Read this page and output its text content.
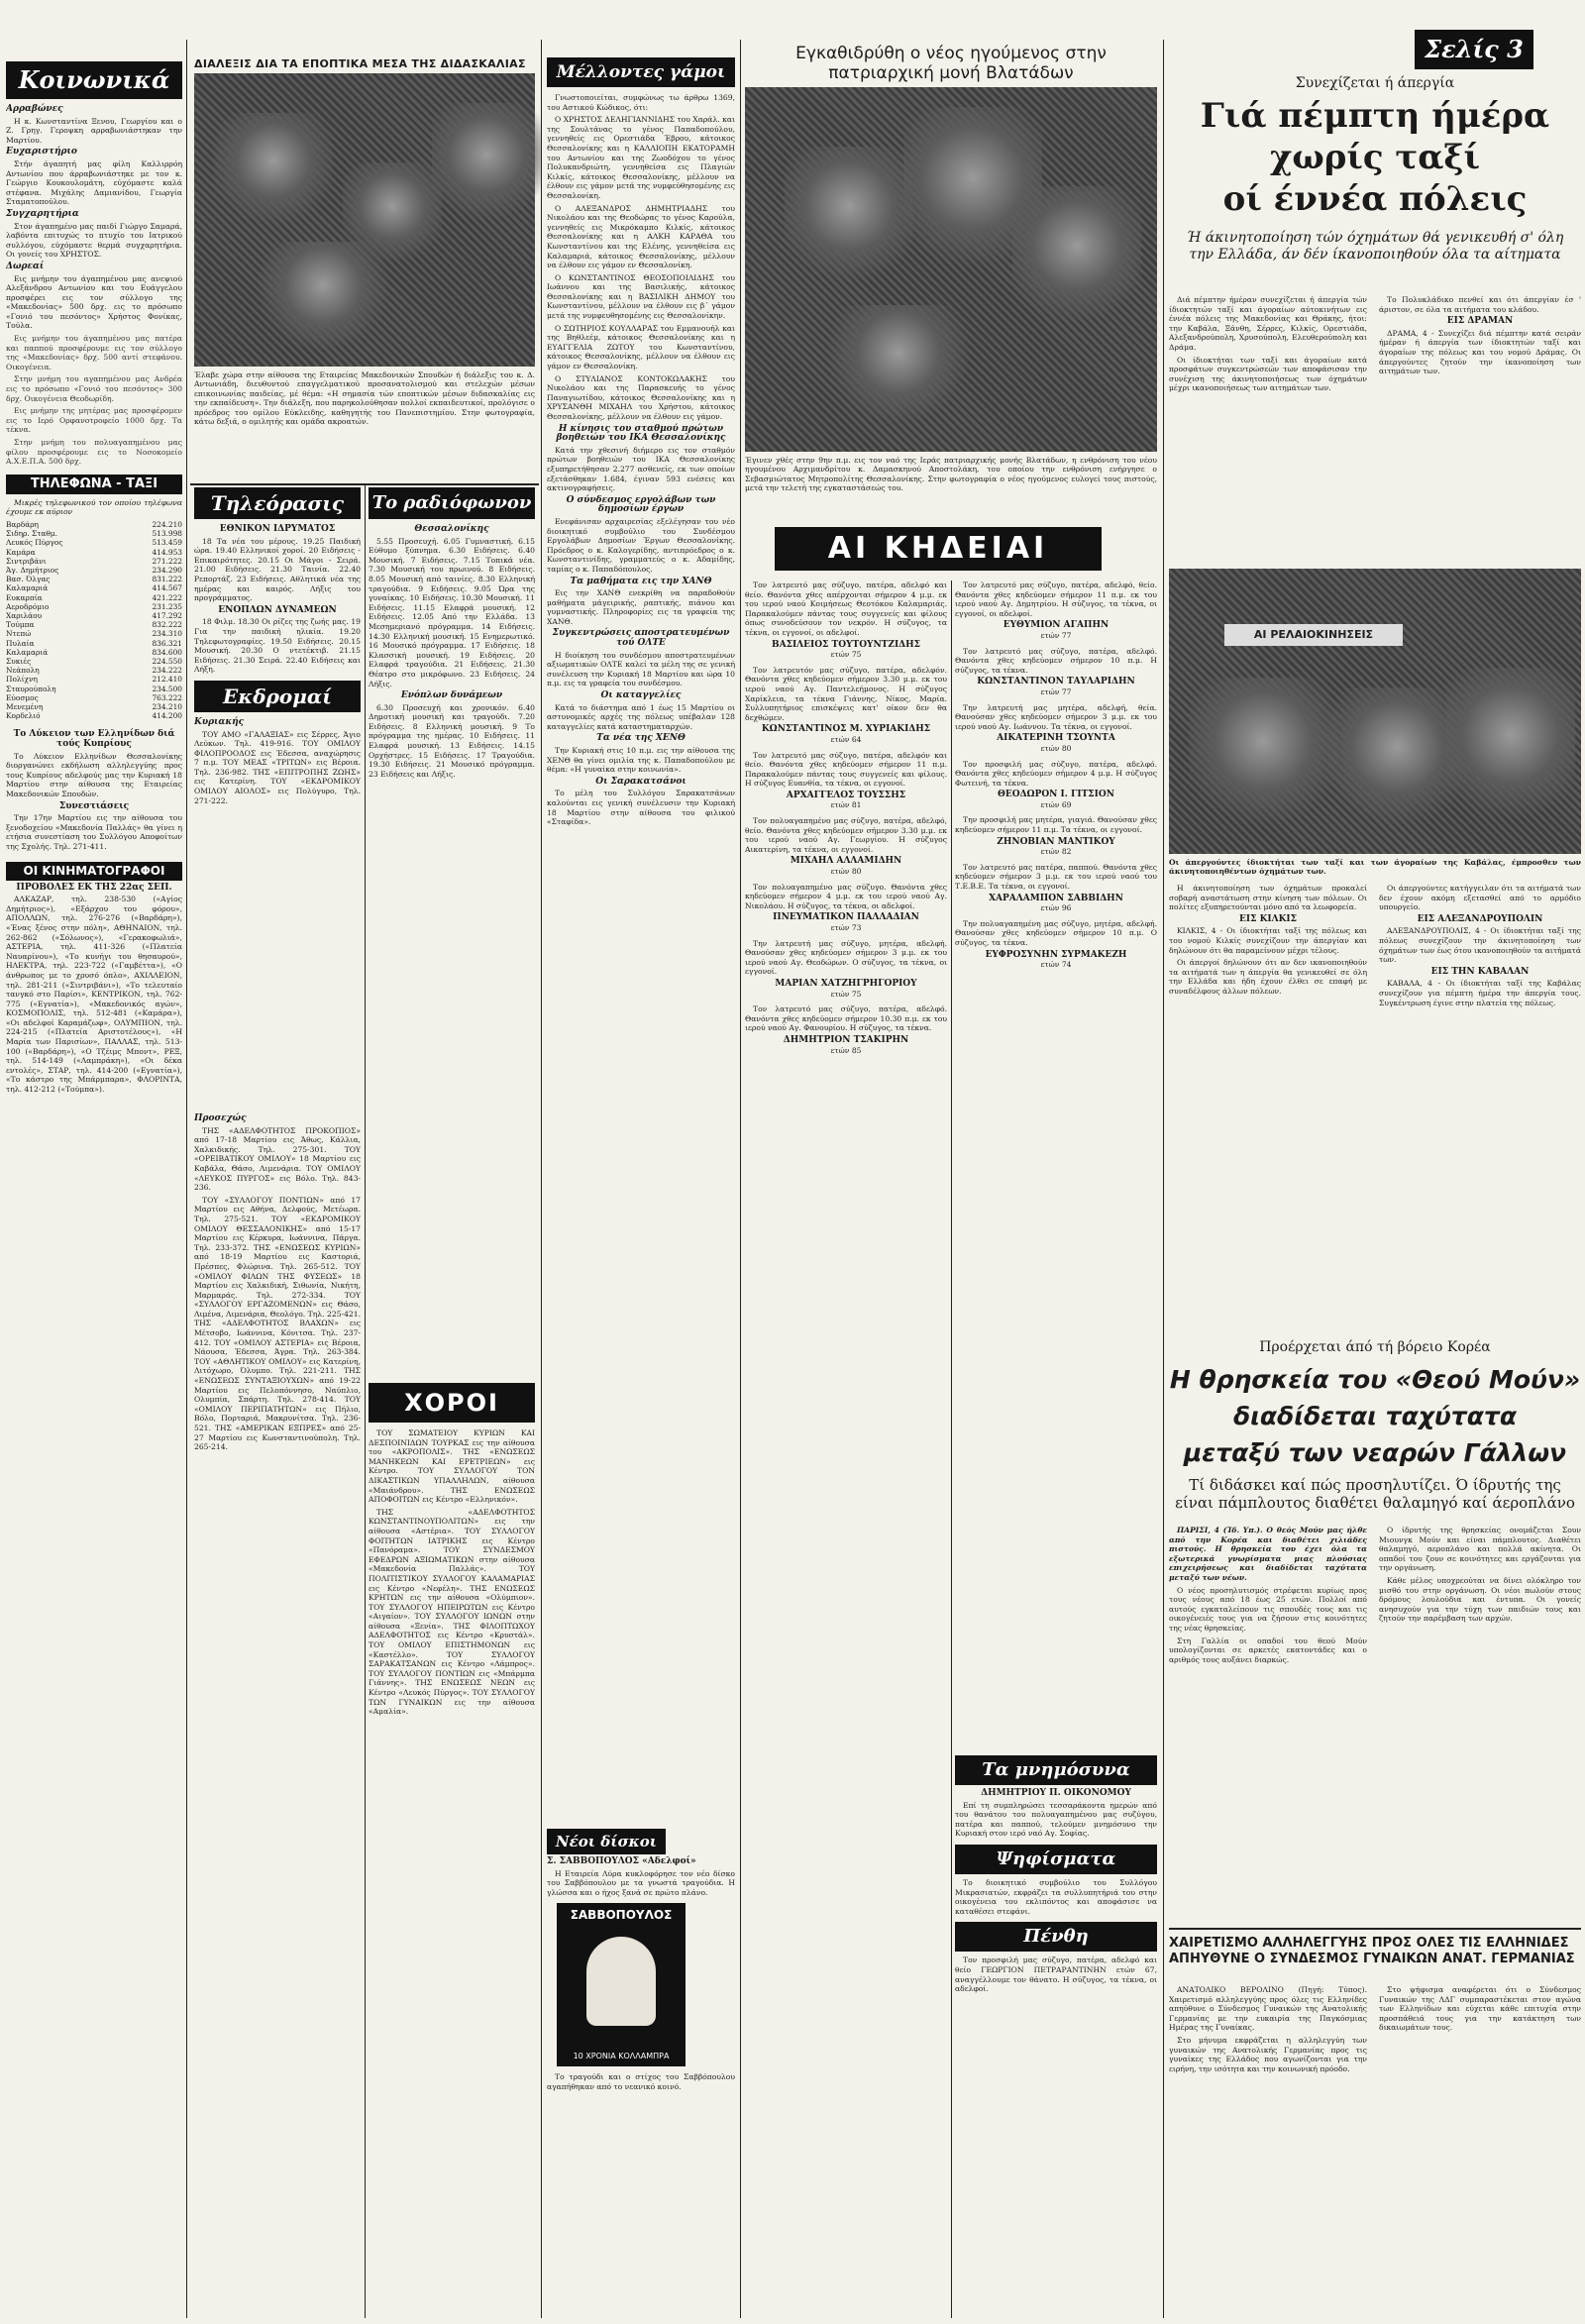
Κοινωνικά
Αρραβώνες
Η κ. Κωνσταντίνα Ξενου, Γεωργίου και ο Ζ. Γρηγ. Γεροψκη αρραβωνιάστηκαν την Μαρτίου.
Ευχαριστήριο
Στήν άγαπητή μας φίλη Καλλιρρόη Αντωνίου που άρραβωνιάστηκε με τον κ. Γεώργιο Κουκουλομάτη, εύχόμαστε καλά στέφανα. Μιχάλης Δαμιανίδου, Γεωργία Σταματοπούλου.
Συγχαρητήρια
Στον άγαπημένο μας παιδί Γιώργο Σαμαρά, λαβόντα επιτυχώς το πτυχίο του Ιατρικού συλλόγου, εύχόμαστε θερμά συγχαρητήρια. Οι γονείς του ΧΡΗΣΤΟΣ.
Δωρεαί
Εις μνήμην του άγαπημένου μας ανεψιού Αλεξάνδρου Αντωνίου και του Ευάγγελου προσφέρει εις τον σύλλογο της «Μακεδονίας» 500 δρχ. εις το πρόσωπο «Γονιό του πεσόντος» Χρήστος Φονίκας, Τούλα.
Εις μνήμην του άγαπημένου μας πατέρα και παππού προσφέρουμε εις τον σύλλογο της «Μακεδονίας» δρχ. 500 αντί στεφάνου. Οικογένεια.
Στην μνήμη του αγαπημένου μας Ανδρέα εις το πρόσωπο «Γονιό του πεσόντος» 300 δρχ. Οικογένεια Θεοδωρίδη.
Εις μνήμην της μητέρας μας προσφέρομεν εις το Ιερό Ορφανοτροφείο 1000 δρχ. Τα τέκνα.
Στην μνήμη του πολυαγαπημένου μας φίλου προσφέρουμε εις το Νοσοκομείο Α.Χ.Ε.Π.Α. 500 δρχ.
ΤΗΛΕΦΩΝΑ - ΤΑΞΙ
Μικρές τηλεφωνικού τον οποίου τηλέφωνα έχουμε εκ αύριον
Βαρδάρη	224.210
Σιδηρ. Σταθμ.	513.998
Λευκός Πύργος	513.459
Καμάρα	414.953
Σιντριβάνι	271.222
Άγ. Δημήτριος	234.290
Βασ. Όλγας	831.222
Καλαμαριά	414.567
Ευκαρπία	421.222
Αεροδρόμιο	231.235
Χαριλάου	417.292
Τούμπα	832.222
Ντεπώ	234.310
Πυλαία	836.321
Καλαμαριά	834.600
Συκιές	224.550
Νεάπολη	234.222
Πολίχνη	212.410
Σταυρούπολη	234.500
Εύοσμος	763.222
Μενεμένη	234.210
Κορδελιό	414.200
Το Λύκειον των Ελληνίδων διά τούς Κυπρίους
Το Λύκειον Ελληνίδων Θεσσαλονίκης διοργανώνει εκδήλωση αλληλεγγύης προς τους Κυπρίους αδελφούς μας την Κυριακή 18 Μαρτίου στην αίθουσα της Εταιρείας Μακεδονικών Σπουδών.
Συνεστιάσεις
Την 17ην Μαρτίου εις την αίθουσα του ξενοδοχείου «Μακεδονία Παλλάς» θα γίνει η ετήσια συνεστίαση του Συλλόγου Αποφοίτων της Σχολής. Τηλ. 271-411.
ΟΙ ΚΙΝΗΜΑΤΟΓΡΑΦΟΙ
ΠΡΟΒΟΛΕΣ ΕΚ ΤΗΣ 22ας ΣΕΠ.
ΑΛΚΑΖΑΡ, τηλ. 238-530 («Αγίος Δημήτριος»), «Εξάρχου του φόρου», ΑΠΟΛΛΩΝ, τηλ. 276-276 («Βαρδάρη»), «Ένας ξένος στην πόλη», ΑΘΗΝΑΙΟΝ, τηλ. 262-862 («Σόλωνος»), «Γερακοφωλιά», ΑΣΤΕΡΙΑ, τηλ. 411-326 («Πλατεία Ναυαρίνου»), «Το κυνήγι του θησαυρού», ΗΛΕΚΤΡΑ, τηλ. 223-722 («Γαμβέττα»), «Ο άνθρωπος με το χρυσό όπλο», ΑΧΙΛΛΕΙΟΝ, τηλ. 281-211 («Σιντριβάνι»), «Το τελευταίο τανγκό στο Παρίσι», ΚΕΝΤΡΙΚΟΝ, τηλ. 762-775 («Εγνατία»), «Μακεδονικός αγών», ΚΟΣΜΟΠΟΛΙΣ, τηλ. 512-481 («Καμάρα»), «Οι αδελφοί Καραμάζωφ», ΟΛΥΜΠΙΟΝ, τηλ. 224-215 («Πλατεία Αριστοτέλους»), «Η Μαρία των Παρισίων», ΠΑΛΛΑΣ, τηλ. 513-100 («Βαρδάρη»), «Ο Τζέιμς Μποντ», ΡΕΞ, τηλ. 514-149 («Λαμπράκη»), «Οι δέκα εντολές», ΣΤΑΡ, τηλ. 414-200 («Εγνατία»), «Το κάστρο της Μπάρμπαρα», ΦΛΟΡΙΝΤΑ, τηλ. 412-212 («Τούμπα»).
ΔΙΑΛΕΞΙΣ ΔΙΑ ΤΑ ΕΠΟΠΤΙΚΑ ΜΕΣΑ ΤΗΣ ΔΙΔΑΣΚΑΛΙΑΣ
Έλαβε χώρα στην αίθουσα της Εταιρείας Μακεδονικών Σπουδών ή διάλεξις του κ. Δ. Αντωνιάδη, διευθυντού επαγγελματικού προσανατολισμού και στελεχών μέσων επικοινωνίας παιδείας, μέ θέμα: «Η σημασία τών εποπτικών μέσων διδασκαλίας εις την εκπαίδευση». Την διάλεξη, που παρηκολούθησαν πολλοί εκπαιδευτικοί, προλόγισε ο πρόεδρος του ομίλου Εύκλειδης, καθηγητής του Πανεπιστημίου. Στην φωτογραφία, κάτω δεξιά, ο ομιλητής και ομάδα ακροατών.
Μέλλοντες γάμοι
Γνωστοποιείται, συμφώνως τω άρθρω 1369, του Αστικού Κώδικος, ότι:
Ο ΧΡΗΣΤΟΣ ΔΕΛΗΓΙΑΝΝΙΔΗΣ του Χαράλ. και της Σουλτάνας το γένος Παπαδοπούλου, γεννηθείς εις Ορεστιάδα Έβρου, κάτοικος Θεσσαλονίκης και η ΚΑΛΛΙΟΠΗ ΕΚΑΤΟΡΑΜΗ του Αντωνίου και της Ζωοδόχου το γένος Πολυκανδριώτη, γεννηθείσα εις Πλαγιών Κιλκίς, κάτοικος Θεσσαλονίκης, μέλλουν να έλθουν εις γάμον μετά της νυμφεύθησομένης εις Θεσσαλονίκη.
Ο ΑΛΕΞΑΝΔΡΟΣ ΔΗΜΗΤΡΙΑΔΗΣ του Νικολάου και της Θεοδώρας το γένος Καρούλα, γεννηθείς εις Μικρόκαμπο Κιλκίς, κάτοικος Θεσσαλονίκης και η ΑΛΚΗ ΚΑΡΑΘΑ του Κωνσταντίνου και της Ελένης, γεννηθείσα εις Καλαμαριά, κάτοικος Θεσσαλονίκης, μέλλουν να έλθουν εις γάμον εν Θεσσαλονίκη.
Ο ΚΩΝΣΤΑΝΤΙΝΟΣ ΘΕΟΣΟΠΟΙΛΙΔΗΣ του Ιωάννου και της Βασιλικής, κάτοικος Θεσσαλονίκης και η ΒΑΣΙΛΙΚΗ ΔΗΜΟΥ του Κωνσταντίνου, μέλλουν να έλθουν εις β΄ γάμον μετά της νυμφευθησομένης εις Θεσσαλονίκην.
Ο ΣΩΤΗΡΙΟΣ ΚΟΥΛΛΑΡΑΣ του Εμμανουήλ και της Βηθλεέμ, κάτοικος Θεσσαλονίκης και η ΕΥΑΓΓΕΛΙΑ ΖΩΤΟΥ του Κωνσταντίνου, κάτοικος Θεσσαλονίκης, μέλλουν να έλθουν εις γάμον εν Θεσσαλονίκη.
Ο ΣΤΥΛΙΑΝΟΣ ΚΟΝΤΟΚΩΛΑΚΗΣ του Νικολάου και της Παρασκευής το γένος Παναγιωτίδου, κάτοικος Θεσσαλονίκης και η ΧΡΥΣΑΝΘΗ ΜΙΧΑΗΛ του Χρήστου, κάτοικος Θεσσαλονίκης, μέλλουν να έλθουν εις γάμον.
Η κίνησις του σταθμού πρώτων βοηθειών του ΙΚΑ Θεσσαλονίκης
Κατά την χθεσινή διήμερο εις τον σταθμόν πρώτων βοηθειών του ΙΚΑ Θεσσαλονίκης εξυπηρετήθησαν 2.277 ασθενείς, εκ των οποίων εξετάσθηκαν 1.684, έγιναν 593 ενέσεις και ακτινογραφήσεις.
Ο σύνδεσμος εργολάβων των δημοσίων έργων
Ενεφάνισαν αρχαιρεσίας εξελέγησαν του νέο διοικητικό συμβούλιο του Συνδέσμου Εργολάβων Δημοσίων Έργων Θεσσαλονίκης. Πρόεδρος ο κ. Καλογερίδης, αντιπρόεδρος ο κ. Κωνσταντινίδης, γραμματεύς ο κ. Αδαμίδης, ταμίας ο κ. Παπαδόπουλος.
Τα μαθήματα εις την ΧΑΝΘ
Εις την ΧΑΝΘ ενεκρίθη να παραδοθούν μαθήματα μάγειρικής, ραπτικής, πιάνου και γυμναστικής. Πληροφορίες εις τα γραφεία της ΧΑΝΘ.
Συγκεντρώσεις αποστρατευμένων τού ΟΛΤΕ
Η διοίκηση του συνδέσμου αποστρατευμένων αξιωματικών ΟΛΤΕ καλεί τα μέλη της σε γενική συνέλευση την Κυριακή 18 Μαρτίου και ώρα 10 π.μ. εις τα γραφεία του συνδέσμου.
Οι καταγγελίες
Κατά το διάστημα από 1 έως 15 Μαρτίου οι αστυνομικές αρχές της πόλεως υπέβαλαν 128 καταγγελίες κατά καταστηματαρχών.
Τα νέα της ΧΕΝΘ
Την Κυριακή στις 10 π.μ. εις την αίθουσα της ΧΕΝΘ θα γίνει ομιλία της κ. Παπαδοπούλου με θέμα: «Η γυναίκα στην κοινωνία».
Οι Σαρακατσάνοι
Το μέλη του Συλλόγου Σαρακατσάνων καλούνται εις γενική συνέλευσιν την Κυριακή 18 Μαρτίου στην αίθουσα του φιλικού «Σταφίδα».
Νέοι δίσκοι
Σ. ΣΑΒΒΟΠΟΥΛΟΣ «Αδελφοί»
Η Εταιρεία Λύρα κυκλοφόρησε τον νέο δίσκο του Σαββόπουλου με τα γνωστά τραγούδια. Η γλώσσα και ο ήχος ξανά σε πρώτο πλάνο.
ΣΑΒΒΟΠΟΥΛΟΣ
10 ΧΡΟΝΙΑ ΚΟΛΛΑΜΠΡΑ
Το τραγούδι και ο στίχος του Σαββόπουλου αγαπήθηκαν από το νεανικό κοινό.
Τηλεόρασις
ΕΘΝΙΚΟΝ ΙΔΡΥΜΑΤΟΣ
18 Τα νέα του μέρους. 19.25 Παιδική ώρα. 19.40 Ελληνικοί χοροί. 20 Ειδήσεις - Επικαιρότητες. 20.15 Οι Μάγοι - Σειρά. 21.00 Ειδήσεις. 21.30 Ταινία. 22.40 Ρεπορτάζ. 23 Ειδήσεις. Αθλητικά νέα της ημέρας και καιρός. Λήξις του προγράμματος.
ΕΝΟΠΛΩΝ ΔΥΝΑΜΕΩΝ
18 Φιλμ. 18.30 Οι ρίζες της ζωής μας. 19 Για την παιδική ηλικία. 19.20 Τηλεφωτογραφίες. 19.50 Ειδήσεις. 20.15 Μουσική. 20.30 Ο ντετέκτιβ. 21.15 Ειδήσεις. 21.30 Σειρά. 22.40 Ειδήσεις και Λήξη.
Εκδρομαί
Κυριακής
ΤΟΥ ΑΜΟ «ΓΑΛΑΞΙΑΣ» εις Σέρρες, Άγιο Λεύκων. Τηλ. 419-916. ΤΟΥ ΟΜΙΛΟΥ ΦΙΛΟΠΡΟΟΔΟΣ εις Έδεσσα, αναχώρησις 7 π.μ. ΤΟΥ ΜΕΑΣ «ΤΡΙΤΩΝ» εις Βέροια. Τηλ. 236-982. ΤΗΣ «ΕΠΙΤΡΟΠΗΣ ΖΩΗΣ» εις Κατερίνη. ΤΟΥ «ΕΚΔΡΟΜΙΚΟΥ ΟΜΙΛΟΥ ΑΙΟΛΟΣ» εις Πολύγυρο, Τηλ. 271-222.
Προσεχώς
ΤΗΣ «ΑΔΕΛΦΟΤΗΤΟΣ ΠΡΟΚΟΠΙΟΣ» από 17-18 Μαρτίου εις Άθως, Κάλλια, Χαλκιδικής. Τηλ. 275-301. ΤΟΥ «ΟΡΕΙΒΑΤΙΚΟΥ ΟΜΙΛΟΥ» 18 Μαρτίου εις Καβάλα, Θάσο, Λιμενάρια. ΤΟΥ ΟΜΙΛΟΥ «ΛΕΥΚΟΣ ΠΥΡΓΟΣ» εις Βόλο. Τηλ. 843-236.
ΤΟΥ «ΣΥΛΛΟΓΟΥ ΠΟΝΤΙΩΝ» από 17 Μαρτίου εις Αθήνα, Δελφούς, Μετέωρα. Τηλ. 275-521. ΤΟΥ «ΕΚΔΡΟΜΙΚΟΥ ΟΜΙΛΟΥ ΘΕΣΣΑΛΟΝΙΚΗΣ» από 15-17 Μαρτίου εις Κέρκυρα, Ιωάννινα, Πάργα. Τηλ. 233-372. ΤΗΣ «ΕΝΩΣΕΩΣ ΚΥΡΙΩΝ» από 18-19 Μαρτίου εις Καστοριά, Πρέσπες, Φλώρινα. Τηλ. 265-512. ΤΟΥ «ΟΜΙΛΟΥ ΦΙΛΩΝ ΤΗΣ ΦΥΣΕΩΣ» 18 Μαρτίου εις Χαλκιδική, Σιθωνία, Νικήτη, Μαρμαράς. Τηλ. 272-334. ΤΟΥ «ΣΥΛΛΟΓΟΥ ΕΡΓΑΖΟΜΕΝΩΝ» εις Θάσο, Λιμένα, Λιμενάρια, Θεολόγο. Τηλ. 225-421. ΤΗΣ «ΑΔΕΛΦΟΤΗΤΟΣ ΒΛΑΧΩΝ» εις Μέτσοβο, Ιωάννινα, Κόνιτσα. Τηλ. 237-412. ΤΟΥ «ΟΜΙΛΟΥ ΑΣΤΕΡΙΑ» εις Βέροια, Νάουσα, Έδεσσα, Άγρα. Τηλ. 263-384. ΤΟΥ «ΑΘΛΗΤΙΚΟΥ ΟΜΙΛΟΥ» εις Κατερίνη, Λιτόχωρο, Όλυμπο. Τηλ. 221-211. ΤΗΣ «ΕΝΩΣΕΩΣ ΣΥΝΤΑΞΙΟΥΧΩΝ» από 19-22 Μαρτίου εις Πελοπόννησο, Ναύπλιο, Ολυμπία, Σπάρτη. Τηλ. 278-414. ΤΟΥ «ΟΜΙΛΟΥ ΠΕΡΙΠΑΤΗΤΩΝ» εις Πήλιο, Βόλο, Πορταριά, Μακρυνίτσα. Τηλ. 236-521. ΤΗΣ «ΑΜΕΡΙΚΑΝ ΕΞΠΡΕΣ» από 25-27 Μαρτίου εις Κωνσταντινούπολη. Τηλ. 265-214.
Το ραδιόφωνον
Θεσσαλονίκης
5.55 Προσευχή. 6.05 Γυμναστική. 6.15 Εύθυμο ξύπνημα. 6.30 Ειδήσεις. 6.40 Μουσική. 7 Ειδήσεις. 7.15 Τοπικά νέα. 7.30 Μουσική του πρωινού. 8 Ειδήσεις. 8.05 Μουσική από ταινίες. 8.30 Ελληνική τραγούδια. 9 Ειδήσεις. 9.05 Ώρα της γυναίκας. 10 Ειδήσεις. 10.30 Μουσική. 11 Ειδήσεις. 11.15 Ελαφρά μουσική. 12 Ειδήσεις. 12.05 Από την Ελλάδα. 13 Μεσημεριανό πρόγραμμα. 14 Ειδήσεις. 14.30 Ελληνική μουσική. 15 Ενημερωτικό. 16 Μουσικό πρόγραμμα. 17 Ειδήσεις. 18 Κλασσική μουσική. 19 Ειδήσεις. 20 Ελαφρά τραγούδια. 21 Ειδήσεις. 21.30 Θέατρο στο μικρόφωνο. 23 Ειδήσεις. 24 Λήξις.
Ενόπλων δυνάμεων
6.30 Προσευχή και χρονικόν. 6.40 Δημοτική μουσική και τραγούδι. 7.20 Ειδήσεις. 8 Ελληνική μουσική. 9 Το πρόγραμμα της ημέρας. 10 Ειδήσεις. 11 Ελαφρά μουσική. 13 Ειδήσεις. 14.15 Ορχήστρες. 15 Ειδήσεις. 17 Τραγούδια. 19.30 Ειδήσεις. 21 Μουσικό πρόγραμμα. 23 Ειδήσεις και Λήξις.
ΧΟΡΟΙ
ΤΟΥ ΣΩΜΑΤΕΙΟΥ ΚΥΡΙΩΝ ΚΑΙ ΔΕΣΠΟΙΝΙΔΩΝ ΤΟΥΡΚΑΣ εις την αίθουσα του «ΑΚΡΟΠΟΛΙΣ». ΤΗΣ «ΕΝΩΣΕΩΣ ΜΑΝΗΚΕΩΝ ΚΑΙ ΕΡΕΤΡΙΕΩΝ» εις Κέντρο. ΤΟΥ ΣΥΛΛΟΓΟΥ ΤΟΝ ΔΙΚΑΣΤΙΚΩΝ ΥΠΑΛΛΗΛΩΝ, αίθουσα «Μαιάνδρου». ΤΗΣ ΕΝΩΣΕΩΣ ΑΠΟΦΟΙΤΩΝ εις Κέντρο «Ελληνικόν».
ΤΗΣ «ΑΔΕΛΦΟΤΗΤΟΣ ΚΩΝΣΤΑΝΤΙΝΟΥΠΟΛΙΤΩΝ» εις την αίθουσα «Αστέρια». ΤΟΥ ΣΥΛΛΟΓΟΥ ΦΟΙΤΗΤΩΝ ΙΑΤΡΙΚΗΣ εις Κέντρο «Πανόραμα». ΤΟΥ ΣΥΝΔΕΣΜΟΥ ΕΦΕΔΡΩΝ ΑΞΙΩΜΑΤΙΚΩΝ στην αίθουσα «Μακεδονία Παλλάς». ΤΟΥ ΠΟΛΙΤΙΣΤΙΚΟΥ ΣΥΛΛΟΓΟΥ ΚΑΛΑΜΑΡΙΑΣ εις Κέντρο «Νεφέλη». ΤΗΣ ΕΝΩΣΕΩΣ ΚΡΗΤΩΝ εις την αίθουσα «Ολύμπιον». ΤΟΥ ΣΥΛΛΟΓΟΥ ΗΠΕΙΡΩΤΩΝ εις Κέντρο «Αιγαίον». ΤΟΥ ΣΥΛΛΟΓΟΥ ΙΩΝΩΝ στην αίθουσα «Ξενία». ΤΗΣ ΦΙΛΟΠΤΩΧΟΥ ΑΔΕΛΦΟΤΗΤΟΣ εις Κέντρο «Κρυστάλ». ΤΟΥ ΟΜΙΛΟΥ ΕΠΙΣΤΗΜΟΝΩΝ εις «Καστέλλο». ΤΟΥ ΣΥΛΛΟΓΟΥ ΣΑΡΑΚΑΤΣΑΝΩΝ εις Κέντρο «Λάμπρος». ΤΟΥ ΣΥΛΛΟΓΟΥ ΠΟΝΤΙΩΝ εις «Μπάρμπα Γιάννης». ΤΗΣ ΕΝΩΣΕΩΣ ΝΕΩΝ εις Κέντρο «Λευκός Πύργος». ΤΟΥ ΣΥΛΛΟΓΟΥ ΤΩΝ ΓΥΝΑΙΚΩΝ εις την αίθουσα «Αμαλία».
Εγκαθιδρύθη ο νέος ηγούμενος στην πατριαρχική μονή Βλατάδων
Έγινεν χθές στην 9ην π.μ. εις τον ναό της Ιεράς πατριαρχικής μονής Βλατάδων, η ενθρόνιση του νέου ηγουμένου Αρχιμανδρίτου κ. Δαμασκηνού Αποστολάκη, του οποίου την ενθρόνιση ενήργησε ο Σεβασμιώτατος Μητροπολίτης Θεσσαλονίκης. Στην φωτογραφία ο νέος ηγούμενος ευλογεί τους πιστούς, μετά την τελετή της εγκαταστάσεώς του.
ΑΙ ΚΗΔΕΙΑΙ
Τον λατρευτό μας σύζυγο, πατέρα, αδελφό και θείο. Θανόντα χθες απέρχονται σήμερον 4 μ.μ. εκ του ιερού ναού Κοιμήσεως Θεοτόκου Καλαμαριάς. Παρακαλούμεν πάντας τους συγγενείς και φίλους όπως συνοδεύσουν τον νεκρόν. Η σύζυγος, τα τέκνα, οι εγγονοί, οι αδελφοί.
ΒΑΣΙΛΕΙΟΣ ΤΟΥΤΟΥΝΤΖΙΔΗΣ
ετών 75
Τον λατρευτόν μας σύζυγο, πατέρα, αδελφόν. Θανόντα χθες κηδεύομεν σήμερον 3.30 μ.μ. εκ του ιερού ναού Αγ. Παντελεήμονος. Η σύζυγος Χαρίκλεια, τα τέκνα Γιάννης, Νίκος, Μαρία. Συλλυπητήριος επισκέψεις κατ' οίκον δεν θα δεχθώμεν.
ΚΩΝΣΤΑΝΤΙΝΟΣ Μ. ΧΥΡΙΑΚΙΔΗΣ
ετών 64
Τον λατρευτό μας σύζυγο, πατέρα, αδελφόν και θείο. Θανόντα χθες κηδεύομεν σήμερον 11 π.μ. Παρακαλούμεν πάντας τους συγγενείς και φίλους. Η σύζυγος Ευανθία, τα τέκνα, οι εγγονοί.
ΑΡΧΑΓΓΕΛΟΣ ΤΟΥΣΣΗΣ
ετών 81
Τον πολυαγαπημένο μας σύζυγο, πατέρα, αδελφό, θείο. Θανόντα χθες κηδεύομεν σήμερον 3.30 μ.μ. εκ του ιερού ναού Αγ. Γεωργίου. Η σύζυγος Αικατερίνη, τα τέκνα, οι εγγονοί.
ΜΙΧΑΗΛ ΑΛΛΑΜΙΔΗΝ
ετών 80
Τον πολυαγαπημένο μας σύζυγο. Θανόντα χθες κηδεύομεν σήμερον 4 μ.μ. εκ του ιερού ναού Αγ. Νικολάου. Η σύζυγος, τα τέκνα, οι αδελφοί.
ΠΝΕΥΜΑΤΙΚΟΝ ΠΑΛΛΑΔΙΑΝ
ετών 73
Την λατρευτή μας σύζυγο, μητέρα, αδελφή. Θανούσαν χθες κηδεύομεν σήμερον 3 μ.μ. εκ του ιερού ναού Αγ. Θεοδώρων. Ο σύζυγος, τα τέκνα, οι εγγονοί.
ΜΑΡΙΑΝ ΧΑΤΖΗΓΡΗΓΟΡΙΟΥ
ετών 75
Τον λατρευτό μας σύζυγο, πατέρα, αδελφό. Θανόντα χθες κηδεύομεν σήμερον 10.30 π.μ. εκ του ιερού ναού Αγ. Φανουρίου. Η σύζυγος, τα τέκνα.
ΔΗΜΗΤΡΙΟΝ ΤΣΑΚΙΡΗΝ
ετών 85
Τον λατρευτό μας σύζυγο, πατέρα, αδελφό, θείο. Θανόντα χθες κηδεύομεν σήμερον 11 π.μ. εκ του ιερού ναού Αγ. Δημητρίου. Η σύζυγος, τα τέκνα, οι εγγονοί, οι αδελφοί.
ΕΥΘΥΜΙΟΝ ΑΓΑΠΗΝ
ετών 77
Τον λατρευτό μας σύζυγο, πατέρα, αδελφό. Θανόντα χθες κηδεύομεν σήμερον 10 π.μ. Η σύζυγος, τα τέκνα.
ΚΩΝΣΤΑΝΤΙΝΟΝ ΤΑΥΛΑΡΙΔΗΝ
ετών 77
Την λατρευτή μας μητέρα, αδελφή, θεία. Θανούσαν χθες κηδεύομεν σήμερον 3 μ.μ. εκ του ιερού ναού Αγ. Ιωάννου. Τα τέκνα, οι εγγονοί.
ΑΙΚΑΤΕΡΙΝΗ ΤΣΟΥΝΤΑ
ετών 80
Τον προσφιλή μας σύζυγο, πατέρα, αδελφό. Θανόντα χθες κηδεύομεν σήμερον 4 μ.μ. Η σύζυγος Φωτεινή, τα τέκνα.
ΘΕΟΔΩΡΟΝ Ι. ΓΙΤΣΙΟΝ
ετών 69
Την προσφιλή μας μητέρα, γιαγιά. Θανούσαν χθες κηδεύομεν σήμερον 11 π.μ. Τα τέκνα, οι εγγονοί.
ΖΗΝΟΒΙΑΝ ΜΑΝΤΙΚΟΥ
ετών 82
Τον λατρευτό μας πατέρα, παππού. Θανόντα χθες κηδεύομεν σήμερον 3 μ.μ. εκ του ιερού ναού του Τ.Ε.Β.Ε. Τα τέκνα, οι εγγονοί.
ΧΑΡΑΛΑΜΠΟΝ ΣΑΒΒΙΔΗΝ
ετών 96
Την πολυαγαπημένη μας σύζυγο, μητέρα, αδελφή. Θανούσαν χθες κηδεύομεν σήμερον 10 π.μ. Ο σύζυγος, τα τέκνα.
ΕΥΦΡΟΣΥΝΗΝ ΣΥΡΜΑΚΕΖΗ
ετών 74
Τα μνημόσυνα
ΔΗΜΗΤΡΙΟΥ Π. ΟΙΚΟΝΟΜΟΥ
Επί τη συμπληρώσει τεσσαράκοντα ημερών από του θανάτου του πολυαγαπημένου μας συζύγου, πατέρα και παππού, τελούμεν μνημόσυνο την Κυριακή στον ιερό ναό Αγ. Σοφίας.
Ψηφίσματα
Το διοικητικό συμβούλιο του Συλλόγου Μικρασιατών, εκφράζει τα συλλυπητήριά του στην οικογένεια του εκλιπόντος και αποφάσισε να καταθέσει στεφάνι.
Πένθη
Τον προσφιλή μας σύζυγο, πατέρα, αδελφό και θείο ΓΕΩΡΓΙΟΝ ΠΕΤΡΑΡΑΝΤΙΝΗΝ ετών 67, αναγγέλλουμε τον θάνατο. Η σύζυγος, τα τέκνα, οι αδελφοί.
Σελίς 3
Συνεχίζεται ή άπεργία
Γιά πέμπτη ήμέρα
χωρίς ταξί
οί έννέα πόλεις
Ή άκινητοποίηση τών όχημάτων θά γενικευθή σ' όλη την Ελλάδα, άν δέν ίκανοποιηθούν όλα τα αίτηματα
Διά πέμπτην ήμέραν συνεχίζεται ή άπεργία τών ίδιοκτητών ταξί και άγοραίων αύτοκινήτων εις έννέα πόλεις της Μακεδονίας και Θράκης, ήτοι: την Καβάλα, Ξάνθη, Σέρρες, Κιλκίς, Ορεστιάδα, Αλεξανδρούπολη, Χρυσούπολη, Ελευθερούπολη και Δράμα.
Οι ίδιοκτήται των ταξί και άγοραίων κατά προσφάτων συγκεντρώσεών των αποφάσισαν την συνέχιση της άκινητοποιήσεως των όχημάτων μέχρι ικανοποιήσεως των αιτημάτων των.
Το Πολυκλάδικο πενθεί και ότι άπεργίαν έσ ' άριστον, σε όλα τα αιτήματα του κλάδου.
ΕΙΣ ΔΡΑΜΑΝ
ΔΡΑΜΑ, 4 - Συνεχίζει διά πέμπτην κατά σειράν ήμέραν ή άπεργία των ίδιοκτητών ταξί και άγοραίων της πόλεως και του νομού Δράμας. Οι άπεργούντες ζητούν την ίκανοποίηση των αιτημάτων των.
ΑΙ ΡΕΛΑΙΟΚΙΝΗΣΕΙΣ
Οι άπεργούντες ίδιοκτήται των ταξί και των άγοραίων της Καβάλας, έμπροσθεν των άκινητοποιηθέντων όχημάτων των.
Η άκινητοποίηση των όχημάτων προκαλεί σοβαρή αναστάτωση στην κίνηση των πόλεων. Οι πολίτες εξυπηρετούνται μόνο από τα λεωφορεία.
ΕΙΣ ΚΙΛΚΙΣ
ΚΙΛΚΙΣ, 4 - Οι ίδιοκτήται ταξί της πόλεως και του νομού Κιλκίς συνεχίζουν την άπεργίαν και δηλώνουν ότι θα παραμείνουν μέχρι τέλους.
Οι άπεργοί δηλώνουν ότι αν δεν ικανοποιηθούν τα αιτήματά των η άπεργία θα γενικευθεί σε όλη την Ελλάδα και ήδη έχουν έλθει σε επαφή με συναδέλφους άλλων πόλεων.
Οι άπεργούντες κατήγγειλαν ότι τα αιτήματά των δεν έχουν ακόμη εξετασθεί από το αρμόδιο υπουργείο.
ΕΙΣ ΑΛΕΞΑΝΔΡΟΥΠΟΛΙΝ
ΑΛΕΞΑΝΔΡΟΥΠΟΛΙΣ, 4 - Οι ίδιοκτήται ταξί της πόλεως συνεχίζουν την άκινητοποίηση των όχημάτων των έως ότου ικανοποιηθούν τα αιτήματά των.
ΕΙΣ ΤΗΝ ΚΑΒΑΛΑΝ
ΚΑΒΑΛΑ, 4 - Οι ίδιοκτήται ταξί της Καβάλας συνεχίζουν για πέμπτη ήμέρα την άπεργία τους. Συγκέντρωση έγινε στην πλατεία της πόλεως.
Προέρχεται άπό τή βόρειο Κορέα
Η θρησκεία του «Θεού Μούν»
διαδίδεται ταχύτατα
μεταξύ των νεαρών Γάλλων
Τί διδάσκει καί πώς προσηλυτίζει. Ό ίδρυτής της είναι πάμπλουτος διαθέτει θαλαμηγό καί άεροπλάνο
ΠΑΡΙΣΙ, 4 (Ίδ. Υπ.). Ο θεός Μούν μας ήλθε από την Κορέα και διαθέτει χιλιάδες πιστούς. Η θρησκεία του έχει όλα τα εξωτερικά γνωρίσματα μιας πλούσιας επιχειρήσεως και διαδίδεται ταχύτατα μεταξύ των νέων.
Ο νέος προσηλυτισμός στρέφεται κυρίως προς τους νέους από 18 έως 25 ετών. Πολλοί από αυτούς εγκαταλείπουν τις σπουδές τους και τις οικογένειές τους για να ζήσουν στις κοινότητες της νέας θρησκείας.
Στη Γαλλία οι οπαδοί του θεού Μούν υπολογίζονται σε αρκετές εκατοντάδες και ο αριθμός τους αυξάνει διαρκώς.
Ο ίδρυτής της θρησκείας ονομάζεται Σουν Μιουνγκ Μούν και είναι πάμπλουτος. Διαθέτει θαλαμηγό, αεροπλάνο και πολλά ακίνητα. Οι οπαδοί του ζουν σε κοινότητες και εργάζονται για την οργάνωση.
Κάθε μέλος υποχρεούται να δίνει ολόκληρο τον μισθό του στην οργάνωση. Οι νέοι πωλούν στους δρόμους λουλούδια και έντυπα. Οι γονείς ανησυχούν για την τύχη των παιδιών τους και ζητούν την παρέμβαση των αρχών.
ΧΑΙΡΕΤΙΣΜΟ ΑΛΛΗΛΕΓΓΥΗΣ ΠΡΟΣ ΟΛΕΣ ΤΙΣ ΕΛΛΗΝΙΔΕΣ ΑΠΗΥΘΥΝΕ Ο ΣΥΝΔΕΣΜΟΣ ΓΥΝΑΙΚΩΝ ΑΝΑΤ. ΓΕΡΜΑΝΙΑΣ
ΑΝΑΤΟΛΙΚΟ ΒΕΡΟΛΙΝΟ (Πηγή: Τύπος). Χαιρετισμό αλληλεγγύης προς όλες τις Ελληνίδες απηύθυνε ο Σύνδεσμος Γυναικών της Ανατολικής Γερμανίας με την ευκαιρία της Παγκόσμιας Ημέρας της Γυναίκας.
Στο μήνυμα εκφράζεται η αλληλεγγύη των γυναικών της Ανατολικής Γερμανίας προς τις γυναίκες της Ελλάδος που αγωνίζονται για την ειρήνη, την ισότητα και την κοινωνική πρόοδο.
Στο ψήφισμα αναφέρεται ότι ο Σύνδεσμος Γυναικών της ΛΔΓ συμπαραστέκεται στον αγώνα των Ελληνίδων και εύχεται κάθε επιτυχία στην προσπάθειά τους για την κατάκτηση των δικαιωμάτων τους.
